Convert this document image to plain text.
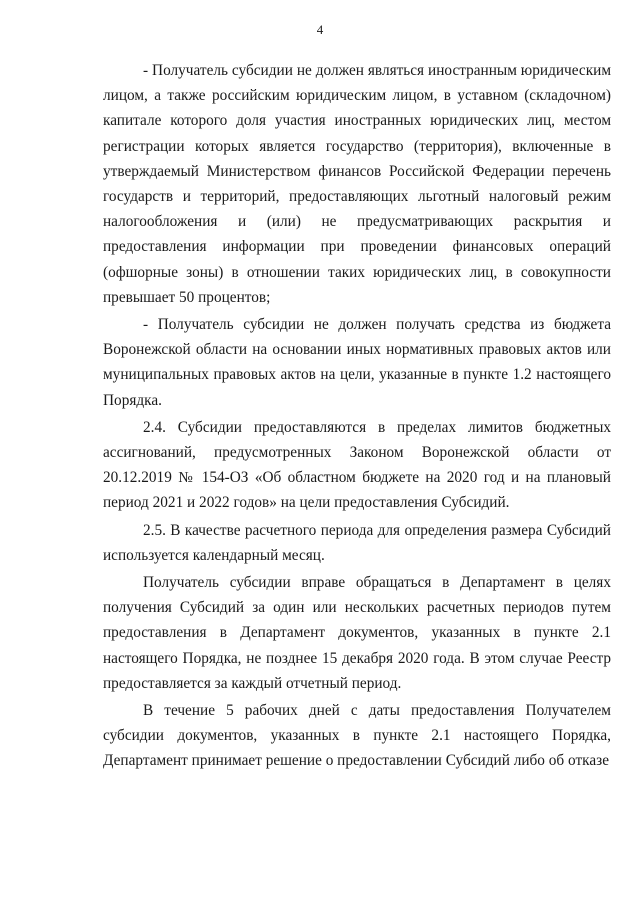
4

- Получатель субсидии не должен являться иностранным юридическим лицом, а также российским юридическим лицом, в уставном (складочном) капитале которого доля участия иностранных юридических лиц, местом регистрации которых является государство (территория), включенные в утверждаемый Министерством финансов Российской Федерации перечень государств и территорий, предоставляющих льготный налоговый режим налогообложения и (или) не предусматривающих раскрытия и предоставления информации при проведении финансовых операций (офшорные зоны) в отношении таких юридических лиц, в совокупности превышает 50 процентов;

- Получатель субсидии не должен получать средства из бюджета Воронежской области на основании иных нормативных правовых актов или муниципальных правовых актов на цели, указанные в пункте 1.2 настоящего Порядка.

2.4. Субсидии предоставляются в пределах лимитов бюджетных ассигнований, предусмотренных Законом Воронежской области от 20.12.2019 № 154-ОЗ «Об областном бюджете на 2020 год и на плановый период 2021 и 2022 годов» на цели предоставления Субсидий.

2.5. В качестве расчетного периода для определения размера Субсидий используется календарный месяц.

Получатель субсидии вправе обращаться в Департамент в целях получения Субсидий за один или нескольких расчетных периодов путем предоставления в Департамент документов, указанных в пункте 2.1 настоящего Порядка, не позднее 15 декабря 2020 года. В этом случае Реестр предоставляется за каждый отчетный период.

В течение 5 рабочих дней с даты предоставления Получателем субсидии документов, указанных в пункте 2.1 настоящего Порядка, Департамент принимает решение о предоставлении Субсидий либо об отказе
